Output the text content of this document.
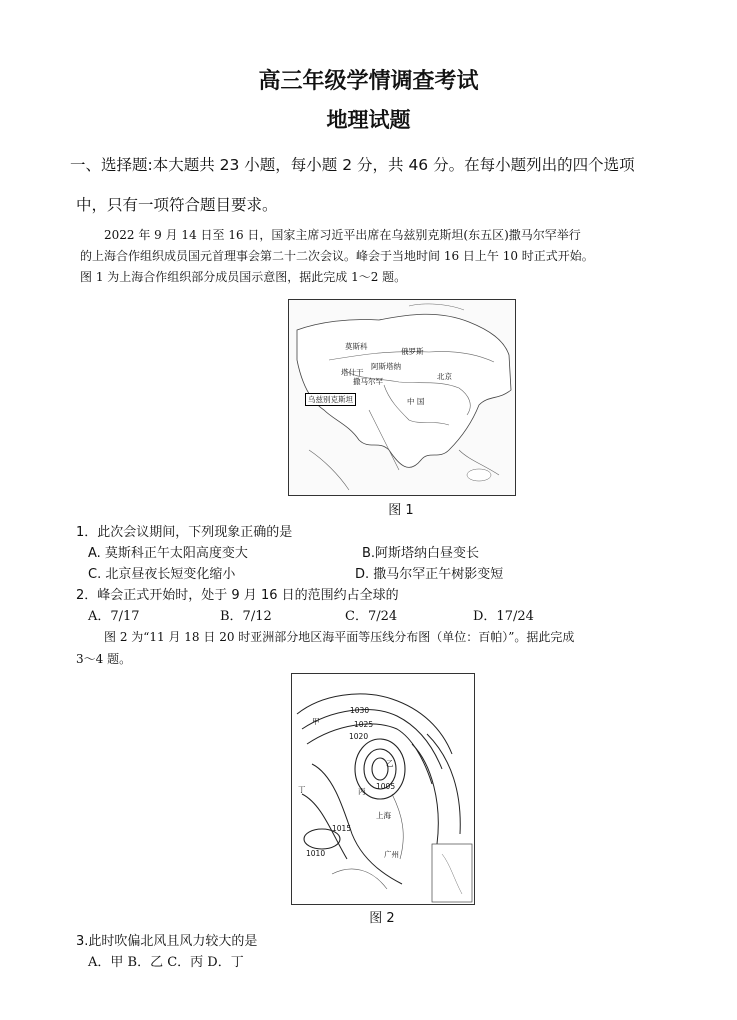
高三年级学情调查考试
地理试题
一、选择题:本大题共 23 小题，每小题 2 分，共 46 分。在每小题列出的四个选项
中，只有一项符合题目要求。
2022 年 9 月 14 日至 16 日，国家主席习近平出席在乌兹别克斯坦(东五区)撒马尔罕举行
的上海合作组织成员国元首理事会第二十二次会议。峰会于当地时间 16 日上午 10 时正式开始。
图 1 为上海合作组织部分成员国示意图，据此完成 1～2 题。
莫斯科
俄罗斯
阿斯塔纳
塔什干
撒马尔罕
乌兹别克斯坦	中 国
北京
图 1
1．此次会议期间，下列现象正确的是
A. 莫斯科正午太阳高度变大	B.阿斯塔纳白昼变长
C. 北京昼夜长短变化缩小	D. 撒马尔罕正午树影变短
2．峰会正式开始时，处于 9 月 16 日的范围约占全球的
A．7/17	B．7/12	C．7/24	D．17/24
图 2 为“11 月 18 日 20 时亚洲部分地区海平面等压线分布图（单位：百帕）”。据此完成
3～4 题。
1030
1025
1020
1015
1010
1005
甲
乙
丙
丁
上海
广州
图 2
3.此时吹偏北风且风力较大的是
A．甲 B．乙 C．丙 D．丁
